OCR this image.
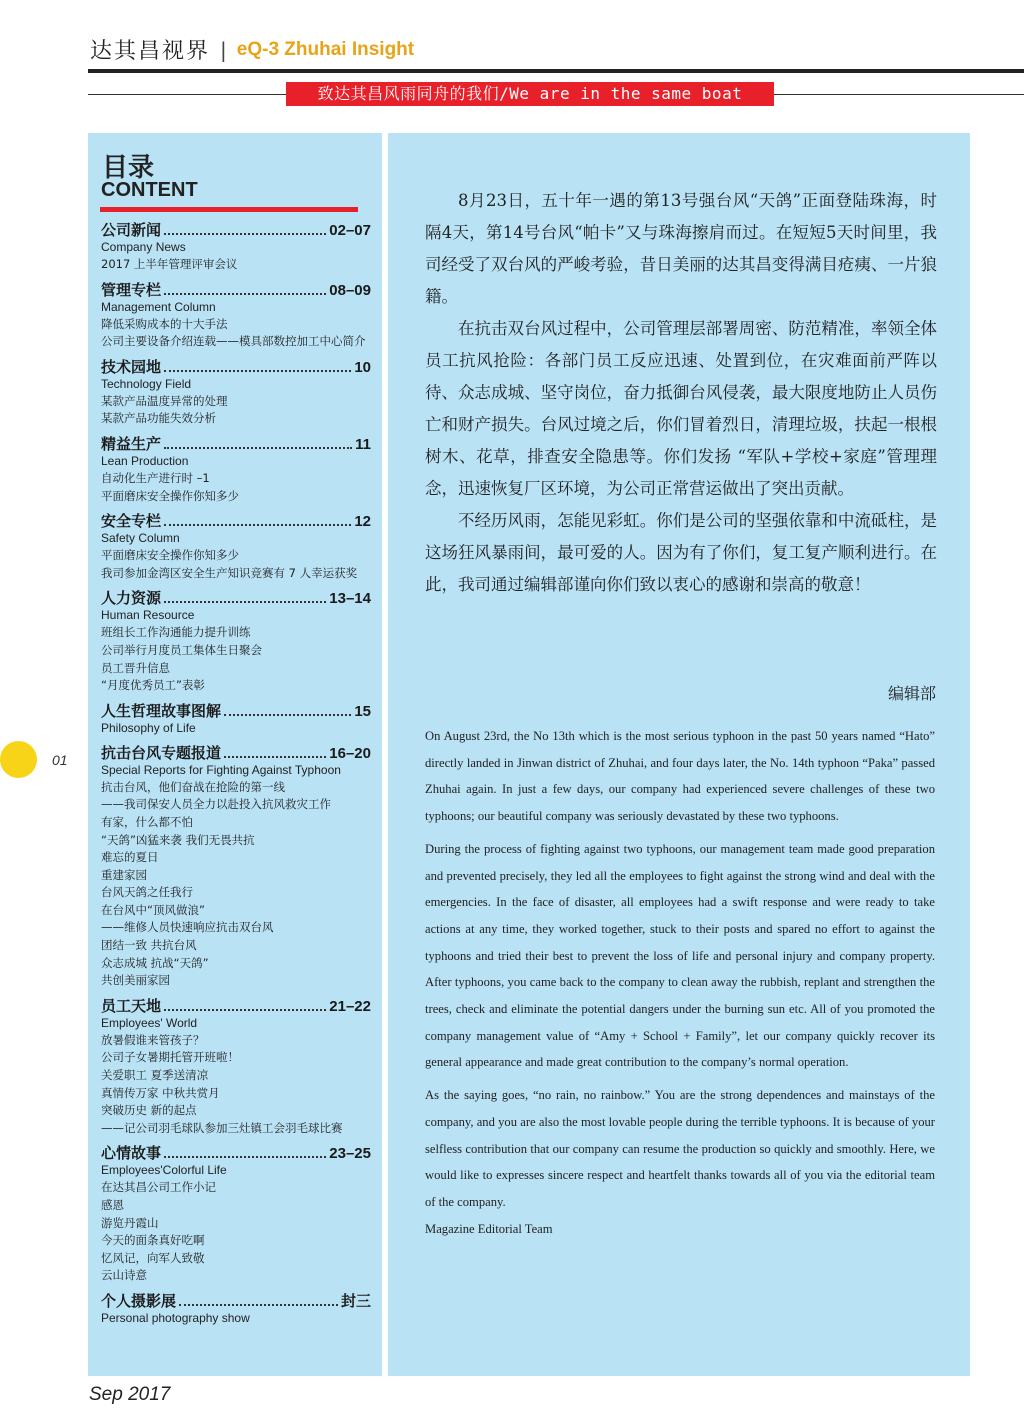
达其昌视界 | eQ-3 Zhuhai Insight
致达其昌风雨同舟的我们/We are in the same boat
目录
CONTENT
公司新闻	02–07
Company News
2017 上半年管理评审会议
管理专栏	08–09
Management Column
降低采购成本的十大手法
公司主要设备介绍连载——模具部数控加工中心简介
技术园地	10
Technology Field
某款产品温度异常的处理
某款产品功能失效分析
精益生产	11
Lean Production
自动化生产进行时 –1
平面磨床安全操作你知多少
安全专栏	12
Safety Column
平面磨床安全操作你知多少
我司参加金湾区安全生产知识竞赛有 7 人幸运获奖
人力资源	13–14
Human Resource
班组长工作沟通能力提升训练
公司举行月度员工集体生日聚会
员工晋升信息
“月度优秀员工”表彰
人生哲理故事图解	15
Philosophy of Life
抗击台风专题报道	16–20
Special Reports for Fighting Against Typhoon
抗击台风，他们奋战在抢险的第一线
——我司保安人员全力以赴投入抗风救灾工作
有家，什么都不怕
“天鸽”凶猛来袭 我们无畏共抗
难忘的夏日
重建家园
台风天鸽之任我行
在台风中“顶风做浪”
——维修人员快速响应抗击双台风
团结一致 共抗台风
众志成城 抗战“天鸽”
共创美丽家园
员工天地	21–22
Employees' World
放暑假谁来管孩子？
公司子女暑期托管开班啦！
关爱职工 夏季送清凉
真情传万家 中秋共赏月
突破历史 新的起点
——记公司羽毛球队参加三灶镇工会羽毛球比赛
心情故事	23–25
Employees'Colorful Life
在达其昌公司工作小记
感恩
游览丹霞山
今天的面条真好吃啊
忆风记，向军人致敬
云山诗意
个人摄影展	封三
Personal photography show

8月23日，五十年一遇的第13号强台风“天鸽”正面登陆珠海，时隔4天，第14号台风“帕卡”又与珠海擦肩而过。在短短5天时间里，我司经受了双台风的严峻考验，昔日美丽的达其昌变得满目疮痍、一片狼籍。

在抗击双台风过程中，公司管理层部署周密、防范精准，率领全体员工抗风抢险：各部门员工反应迅速、处置到位，在灾难面前严阵以待、众志成城、坚守岗位，奋力抵御台风侵袭，最大限度地防止人员伤亡和财产损失。台风过境之后，你们冒着烈日，清理垃圾，扶起一根根树木、花草，排查安全隐患等。你们发扬 “军队+学校+家庭”管理理念，迅速恢复厂区环境，为公司正常营运做出了突出贡献。

不经历风雨，怎能见彩虹。你们是公司的坚强依靠和中流砥柱，是这场狂风暴雨间，最可爱的人。因为有了你们，复工复产顺利进行。在此，我司通过编辑部谨向你们致以衷心的感谢和崇高的敬意！

编辑部

On August 23rd, the No 13th which is the most serious typhoon in the past 50 years named “Hato” directly landed in Jinwan district of Zhuhai, and four days later, the No. 14th typhoon “Paka” passed Zhuhai again. In just a few days, our company had experienced severe challenges of these two typhoons; our beautiful company was seriously devastated by these two typhoons.

During the process of fighting against two typhoons, our management team made good preparation and prevented precisely, they led all the employees to fight against the strong wind and deal with the emergencies. In the face of disaster, all employees had a swift response and were ready to take actions at any time, they worked together, stuck to their posts and spared no effort to against the typhoons and tried their best to prevent the loss of life and personal injury and company property. After typhoons, you came back to the company to clean away the rubbish, replant and strengthen the trees, check and eliminate the potential dangers under the burning sun etc. All of you promoted the company management value of “Amy + School + Family”, let our company quickly recover its general appearance and made great contribution to the company’s normal operation.

As the saying goes, “no rain, no rainbow.” You are the strong dependences and mainstays of the company, and you are also the most lovable people during the terrible typhoons. It is because of your selfless contribution that our company can resume the production so quickly and smoothly. Here, we would like to expresses sincere respect and heartfelt thanks towards all of you via the editorial team of the company.

Magazine Editorial Team
01
Sep 2017
